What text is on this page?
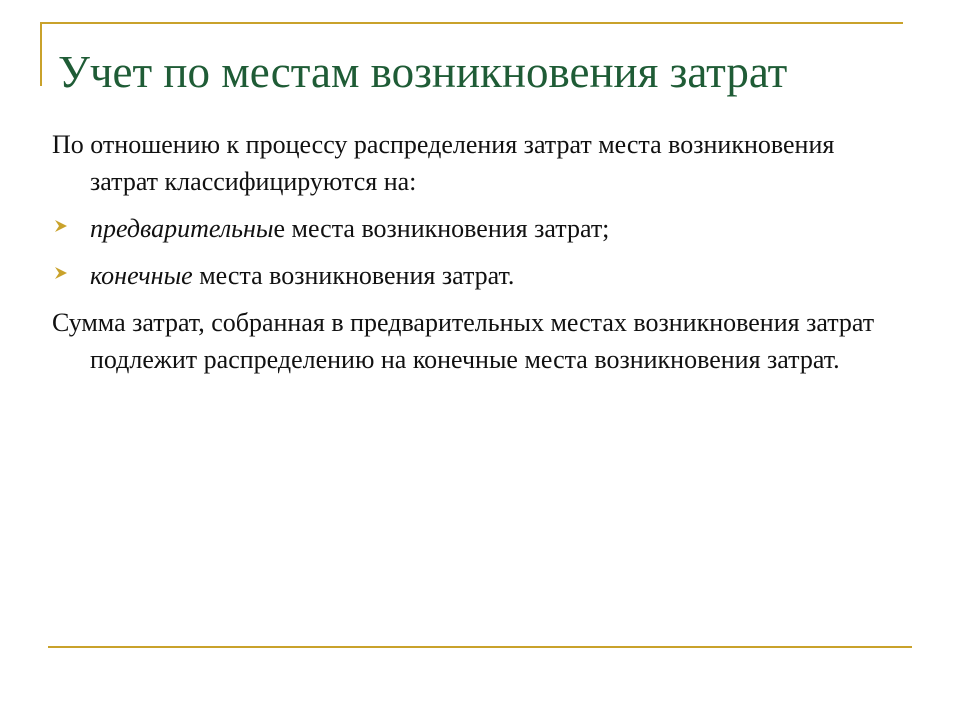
Учет по местам возникновения затрат

По отношению к процессу распределения затрат места возникновения затрат классифицируются на:

предварительные места возникновения затрат;
конечные места возникновения затрат.

Сумма затрат, собранная в предварительных местах возникновения затрат подлежит распределению на конечные места возникновения затрат.
